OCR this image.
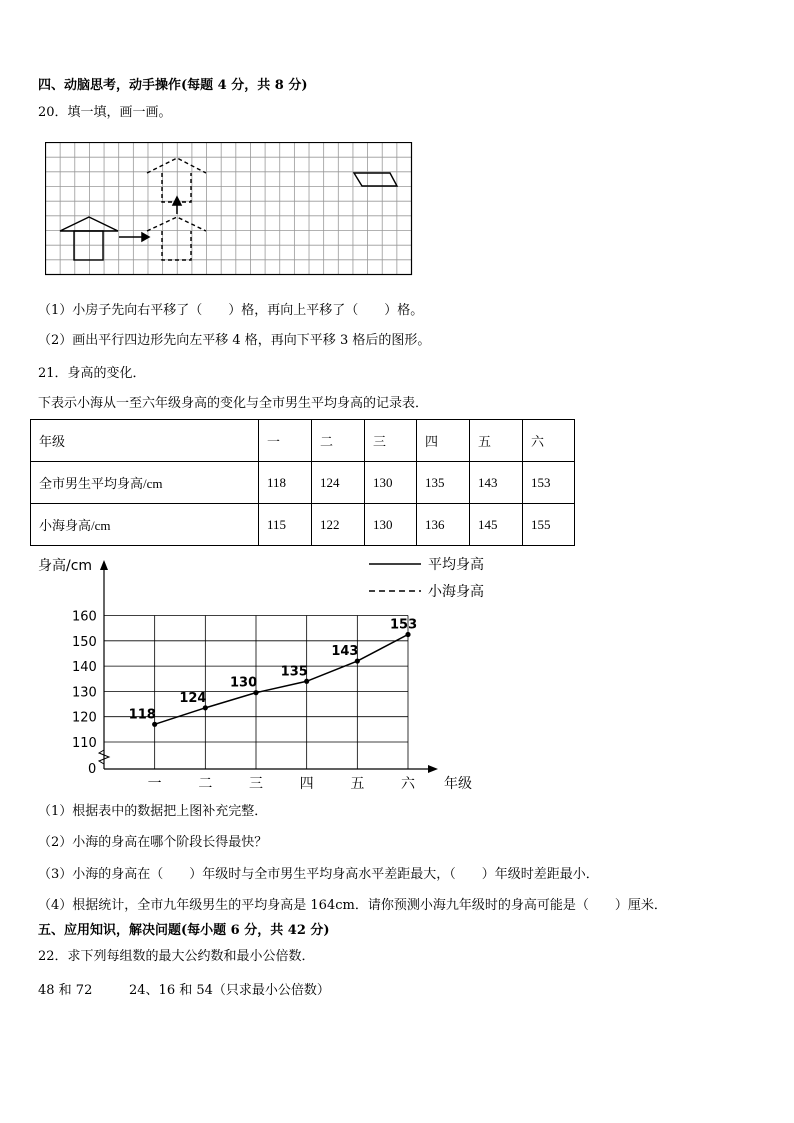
四、动脑思考，动手操作(每题 4 分，共 8 分)
20．填一填，画一画。
（1）小房子先向右平移了（　　）格，再向上平移了（　　）格。
（2）画出平行四边形先向左平移 4 格，再向下平移 3 格后的图形。
21．身高的变化．
下表示小海从一至六年级身高的变化与全市男生平均身高的记录表．
年级	一	二	三	四	五	六
全市男生平均身高/cm	118	124	130	135	143	153
小海身高/cm	115	122	130	136	145	155
身高/cm
0
110
120
130
140
150
160
一	二	三	四	五	六 年级
118
124
130
135
143
153
平均身高
小海身高
（1）根据表中的数据把上图补充完整．
（2）小海的身高在哪个阶段长得最快？
（3）小海的身高在（　　）年级时与全市男生平均身高水平差距最大，（　　）年级时差距最小．
（4）根据统计，全市九年级男生的平均身高是 164cm．请你预测小海九年级时的身高可能是（　　）厘米．
五、应用知识，解决问题(每小题 6 分，共 42 分)
22．求下列每组数的最大公约数和最小公倍数．
48 和 72	24、16 和 54（只求最小公倍数）
